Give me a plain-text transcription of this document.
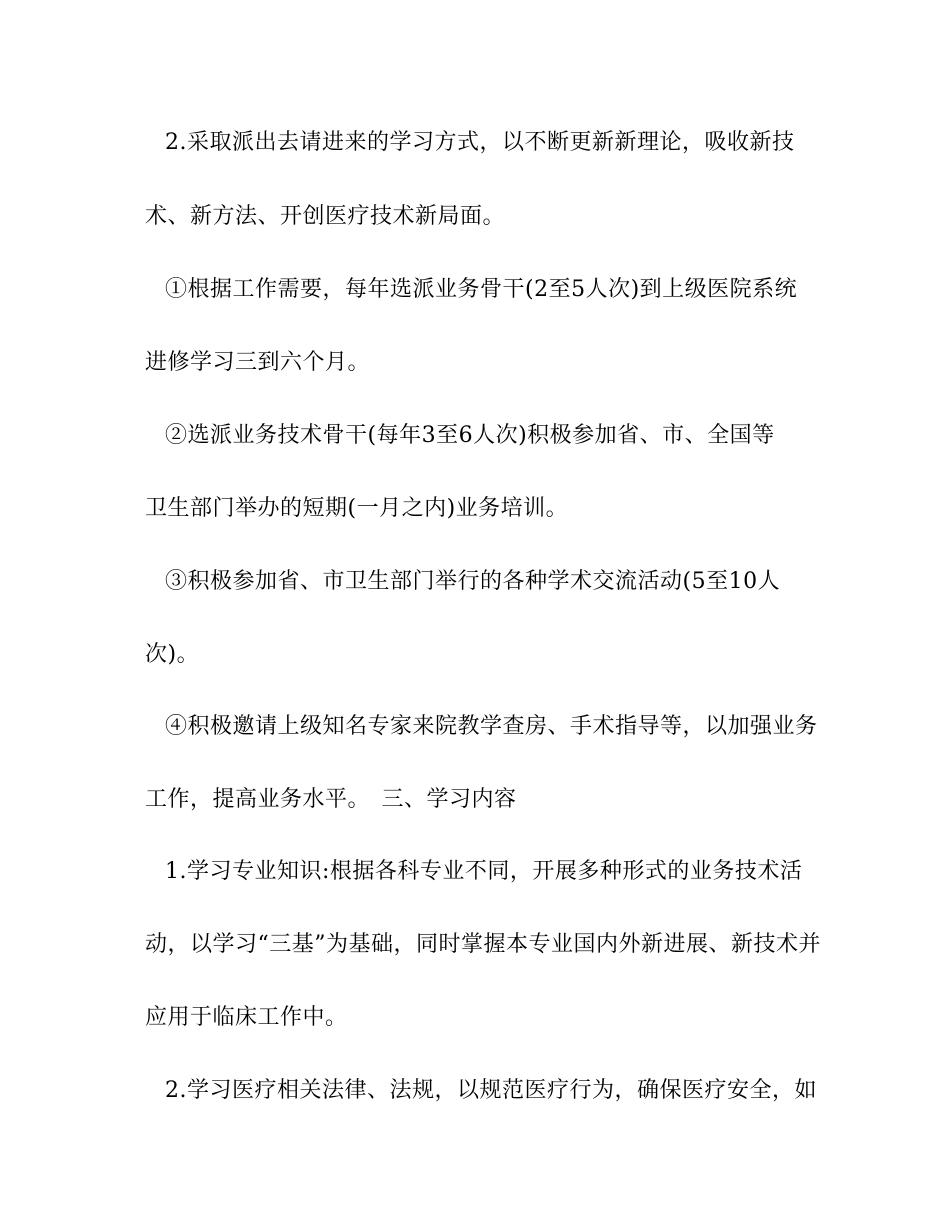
2.采取派出去请进来的学习方式，以不断更新新理论，吸收新技
术、新方法、开创医疗技术新局面。
①根据工作需要，每年选派业务骨干(2至5人次)到上级医院系统
进修学习三到六个月。
②选派业务技术骨干(每年3至6人次)积极参加省、市、全国等
卫生部门举办的短期(一月之内)业务培训。
③积极参加省、市卫生部门举行的各种学术交流活动(5至10人
次)。
④积极邀请上级知名专家来院教学查房、手术指导等，以加强业务
工作，提高业务水平。　三、学习内容
1.学习专业知识:根据各科专业不同，开展多种形式的业务技术活
动，以学习“三基”为基础，同时掌握本专业国内外新进展、新技术并
应用于临床工作中。
2.学习医疗相关法律、法规，以规范医疗行为，确保医疗安全，如
